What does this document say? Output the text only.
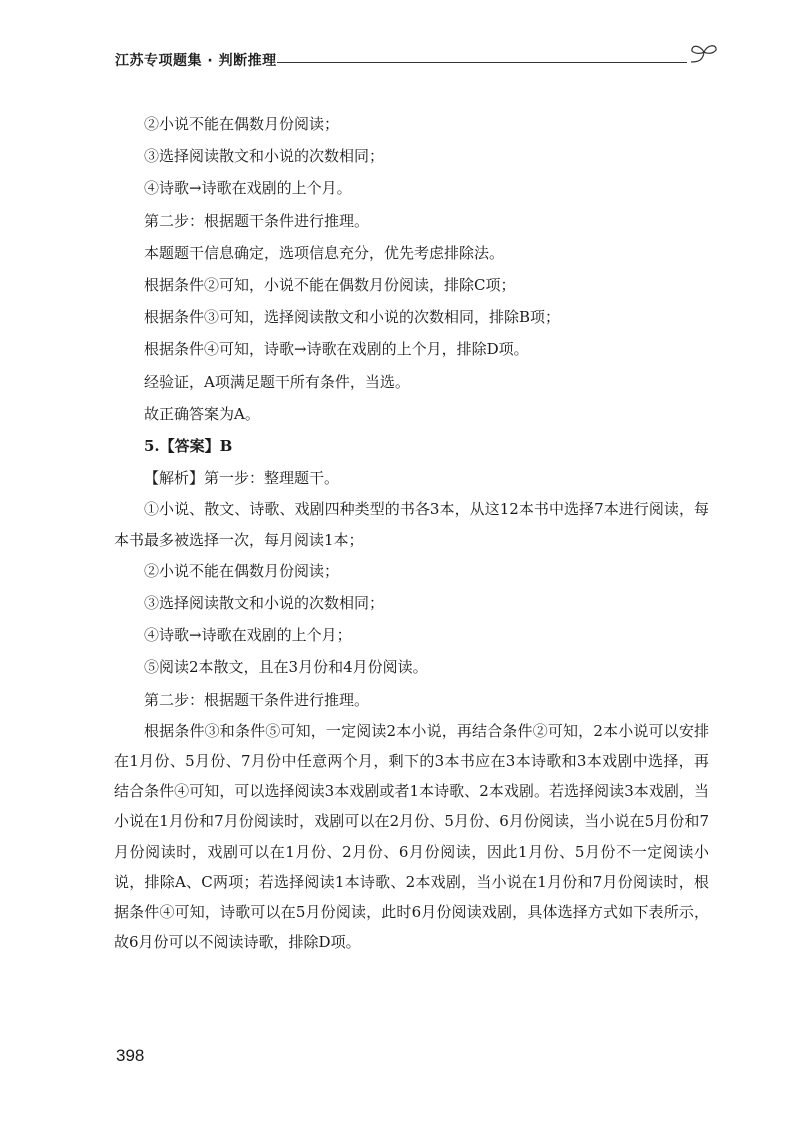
江苏专项题集 · 判断推理

②小说不能在偶数月份阅读；

③选择阅读散文和小说的次数相同；

④诗歌→诗歌在戏剧的上个月。

第二步：根据题干条件进行推理。

本题题干信息确定，选项信息充分，优先考虑排除法。

根据条件②可知，小说不能在偶数月份阅读，排除C项；

根据条件③可知，选择阅读散文和小说的次数相同，排除B项；

根据条件④可知，诗歌→诗歌在戏剧的上个月，排除D项。

经验证，A项满足题干所有条件，当选。

故正确答案为A。

5.【答案】B

【解析】第一步：整理题干。

①小说、散文、诗歌、戏剧四种类型的书各3本，从这12本书中选择7本进行阅读，每本书最多被选择一次，每月阅读1本；

②小说不能在偶数月份阅读；

③选择阅读散文和小说的次数相同；

④诗歌→诗歌在戏剧的上个月；

⑤阅读2本散文，且在3月份和4月份阅读。

第二步：根据题干条件进行推理。

根据条件③和条件⑤可知，一定阅读2本小说，再结合条件②可知，2本小说可以安排在1月份、5月份、7月份中任意两个月，剩下的3本书应在3本诗歌和3本戏剧中选择，再结合条件④可知，可以选择阅读3本戏剧或者1本诗歌、2本戏剧。若选择阅读3本戏剧，当小说在1月份和7月份阅读时，戏剧可以在2月份、5月份、6月份阅读，当小说在5月份和7月份阅读时，戏剧可以在1月份、2月份、6月份阅读，因此1月份、5月份不一定阅读小说，排除A、C两项；若选择阅读1本诗歌、2本戏剧，当小说在1月份和7月份阅读时，根据条件④可知，诗歌可以在5月份阅读，此时6月份阅读戏剧，具体选择方式如下表所示，故6月份可以不阅读诗歌，排除D项。

398
